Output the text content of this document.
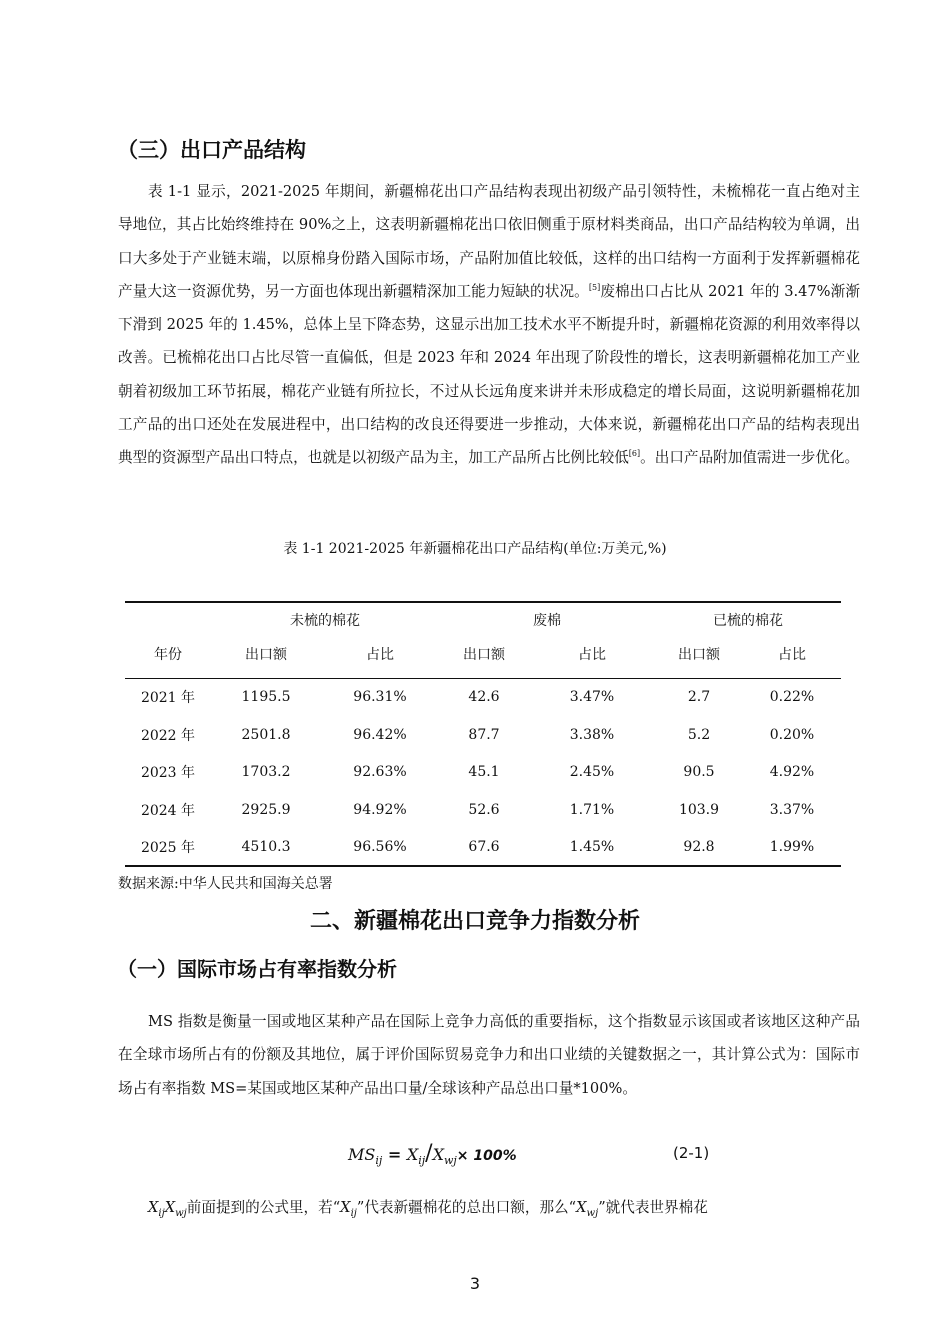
（三）出口产品结构

表 1-1 显示，2021-2025 年期间，新疆棉花出口产品结构表现出初级产品引领特性，未梳棉花一直占绝对主导地位，其占比始终维持在 90%之上，这表明新疆棉花出口依旧侧重于原材料类商品，出口产品结构较为单调，出口大多处于产业链末端，以原棉身份踏入国际市场，产品附加值比较低，这样的出口结构一方面利于发挥新疆棉花产量大这一资源优势，另一方面也体现出新疆精深加工能力短缺的状况。[5]废棉出口占比从 2021 年的 3.47%渐渐下滑到 2025 年的 1.45%，总体上呈下降态势，这显示出加工技术水平不断提升时，新疆棉花资源的利用效率得以改善。已梳棉花出口占比尽管一直偏低，但是 2023 年和 2024 年出现了阶段性的增长，这表明新疆棉花加工产业朝着初级加工环节拓展，棉花产业链有所拉长，不过从长远角度来讲并未形成稳定的增长局面，这说明新疆棉花加工产品的出口还处在发展进程中，出口结构的改良还得要进一步推动，大体来说，新疆棉花出口产品的结构表现出典型的资源型产品出口特点，也就是以初级产品为主，加工产品所占比例比较低[6]。出口产品附加值需进一步优化。

表 1-1 2021-2025 年新疆棉花出口产品结构(单位:万美元,%)
	未梳的棉花		废棉		已梳的棉花	
年份	出口额	占比	出口额	占比	出口额	占比
2021 年	1195.5	96.31%	42.6	3.47%	2.7	0.22%
2022 年	2501.8	96.42%	87.7	3.38%	5.2	0.20%
2023 年	1703.2	92.63%	45.1	2.45%	90.5	4.92%
2024 年	2925.9	94.92%	52.6	1.71%	103.9	3.37%
2025 年	4510.3	96.56%	67.6	1.45%	92.8	1.99%
数据来源:中华人民共和国海关总署
二、新疆棉花出口竞争力指数分析
（一）国际市场占有率指数分析

MS 指数是衡量一国或地区某种产品在国际上竞争力高低的重要指标，这个指数显示该国或者该地区这种产品在全球市场所占有的份额及其地位，属于评价国际贸易竞争力和出口业绩的关键数据之一，其计算公式为：国际市场占有率指数 MS=某国或地区某种产品出口量/全球该种产品总出口量*100%。

$MS_{ij} = X_{ij}/X_{wj}\times 100\%$	(2-1)

$X_{ij}X_{wj}$前面提到的公式里，若“$X_{ij}$”代表新疆棉花的总出口额，那么“$X_{wj}$”就代表世界棉花

3
